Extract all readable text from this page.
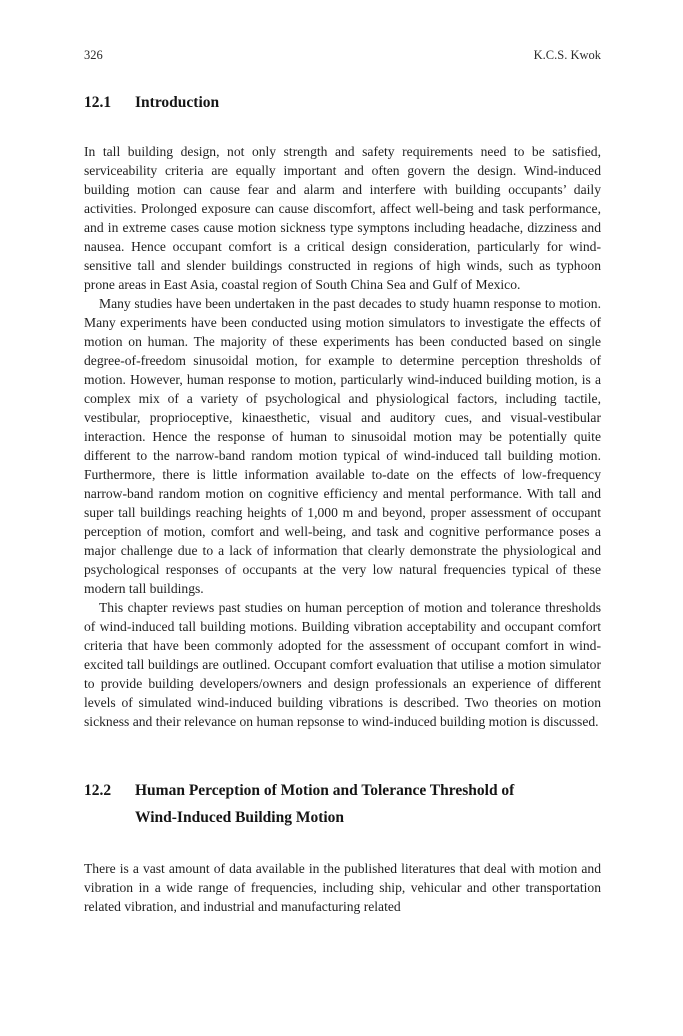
326	K.C.S. Kwok
12.1	Introduction

In tall building design, not only strength and safety requirements need to be satisfied, serviceability criteria are equally important and often govern the design. Wind-induced building motion can cause fear and alarm and interfere with building occupants’ daily activities. Prolonged exposure can cause discomfort, affect well-being and task performance, and in extreme cases cause motion sickness type symptons including headache, dizziness and nausea. Hence occupant comfort is a critical design consideration, particularly for wind-sensitive tall and slender buildings constructed in regions of high winds, such as typhoon prone areas in East Asia, coastal region of South China Sea and Gulf of Mexico.

Many studies have been undertaken in the past decades to study huamn response to motion. Many experiments have been conducted using motion simulators to investigate the effects of motion on human. The majority of these experiments has been conducted based on single degree-of-freedom sinusoidal motion, for example to determine perception thresholds of motion. However, human response to motion, particularly wind-induced building motion, is a complex mix of a variety of psychological and physiological factors, including tactile, vestibular, proprioceptive, kinaesthetic, visual and auditory cues, and visual-vestibular interaction. Hence the response of human to sinusoidal motion may be potentially quite different to the narrow-band random motion typical of wind-induced tall building motion. Furthermore, there is little information available to-date on the effects of low-frequency narrow-band random motion on cognitive efficiency and mental performance. With tall and super tall buildings reaching heights of 1,000 m and beyond, proper assessment of occupant perception of motion, comfort and well-being, and task and cognitive performance poses a major challenge due to a lack of information that clearly demonstrate the physiological and psychological responses of occupants at the very low natural frequencies typical of these modern tall buildings.

This chapter reviews past studies on human perception of motion and tolerance thresholds of wind-induced tall building motions. Building vibration acceptability and occupant comfort criteria that have been commonly adopted for the assessment of occupant comfort in wind-excited tall buildings are outlined. Occupant comfort evaluation that utilise a motion simulator to provide building developers/owners and design professionals an experience of different levels of simulated wind-induced building vibrations is described. Two theories on motion sickness and their relevance on human repsonse to wind-induced building motion is discussed.

12.2	Human Perception of Motion and Tolerance Threshold of Wind-Induced Building Motion

There is a vast amount of data available in the published literatures that deal with motion and vibration in a wide range of frequencies, including ship, vehicular and other transportation related vibration, and industrial and manufacturing related
